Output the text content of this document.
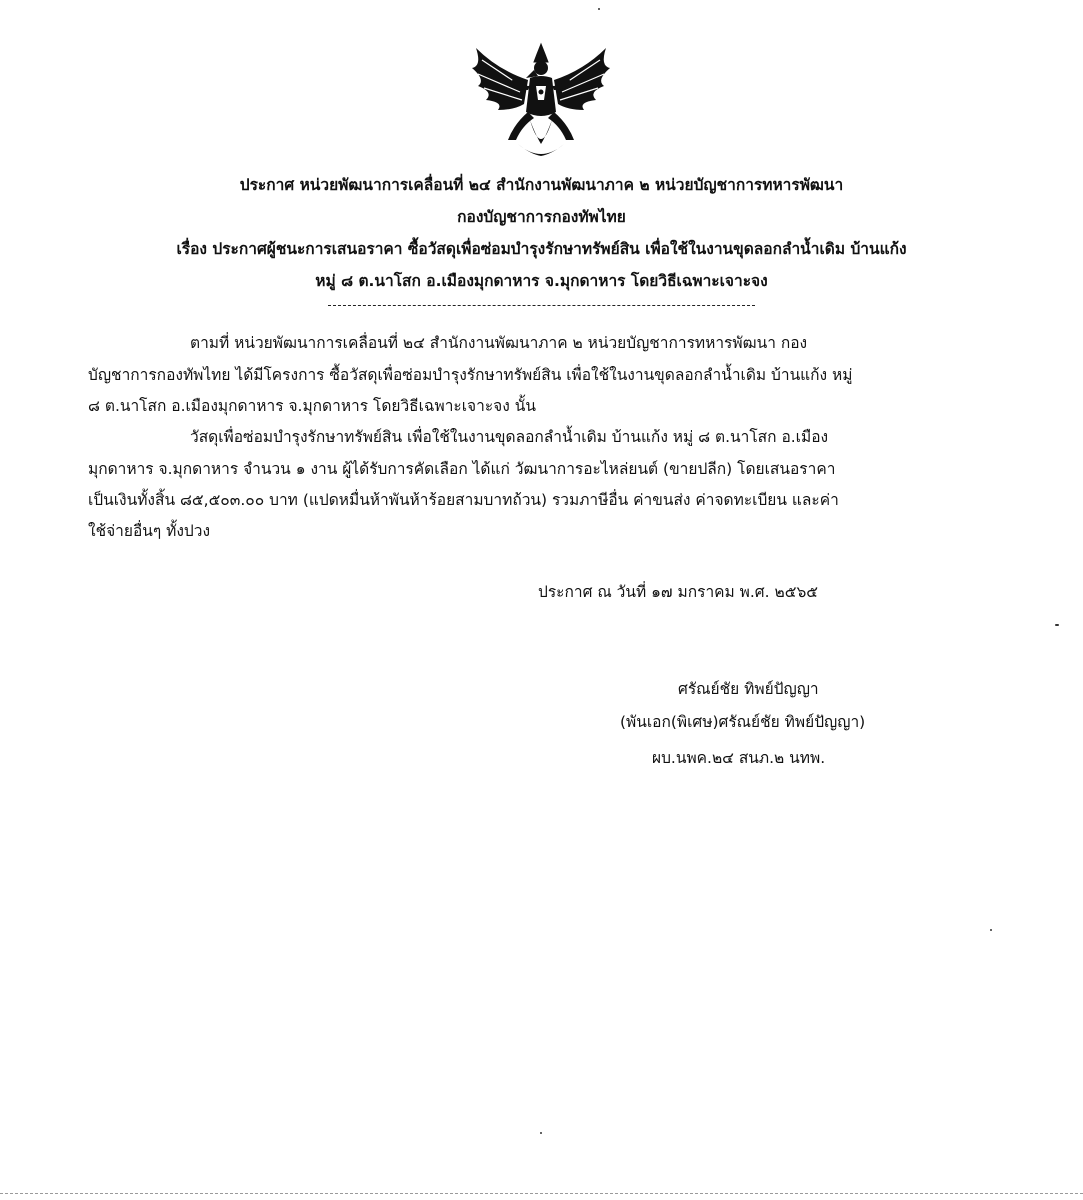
ประกาศ หน่วยพัฒนาการเคลื่อนที่ ๒๔ สำนักงานพัฒนาภาค ๒ หน่วยบัญชาการทหารพัฒนา
กองบัญชาการกองทัพไทย
เรื่อง ประกาศผู้ชนะการเสนอราคา ซื้อวัสดุเพื่อซ่อมบำรุงรักษาทรัพย์สิน เพื่อใช้ในงานขุดลอกลำน้ำเดิม บ้านแก้ง
หมู่ ๘ ต.นาโสก อ.เมืองมุกดาหาร จ.มุกดาหาร โดยวิธีเฉพาะเจาะจง
ตามที่ หน่วยพัฒนาการเคลื่อนที่ ๒๔ สำนักงานพัฒนาภาค ๒ หน่วยบัญชาการทหารพัฒนา กอง
บัญชาการกองทัพไทย ได้มีโครงการ ซื้อวัสดุเพื่อซ่อมบำรุงรักษาทรัพย์สิน เพื่อใช้ในงานขุดลอกลำน้ำเดิม บ้านแก้ง หมู่
๘ ต.นาโสก อ.เมืองมุกดาหาร จ.มุกดาหาร โดยวิธีเฉพาะเจาะจง นั้น
วัสดุเพื่อซ่อมบำรุงรักษาทรัพย์สิน เพื่อใช้ในงานขุดลอกลำน้ำเดิม บ้านแก้ง หมู่ ๘ ต.นาโสก อ.เมือง
มุกดาหาร จ.มุกดาหาร จำนวน ๑ งาน ผู้ได้รับการคัดเลือก ได้แก่ วัฒนาการอะไหล่ยนต์ (ขายปลีก) โดยเสนอราคา
เป็นเงินทั้งสิ้น ๘๕,๕๐๓.๐๐ บาท (แปดหมื่นห้าพันห้าร้อยสามบาทถ้วน) รวมภาษีอื่น ค่าขนส่ง ค่าจดทะเบียน และค่า
ใช้จ่ายอื่นๆ ทั้งปวง
ประกาศ ณ วันที่ ๑๗ มกราคม พ.ศ. ๒๕๖๕
ศรัณย์ชัย ทิพย์ปัญญา
(พันเอก(พิเศษ)ศรัณย์ชัย ทิพย์ปัญญา)
ผบ.นพค.๒๔ สนภ.๒ นทพ.
